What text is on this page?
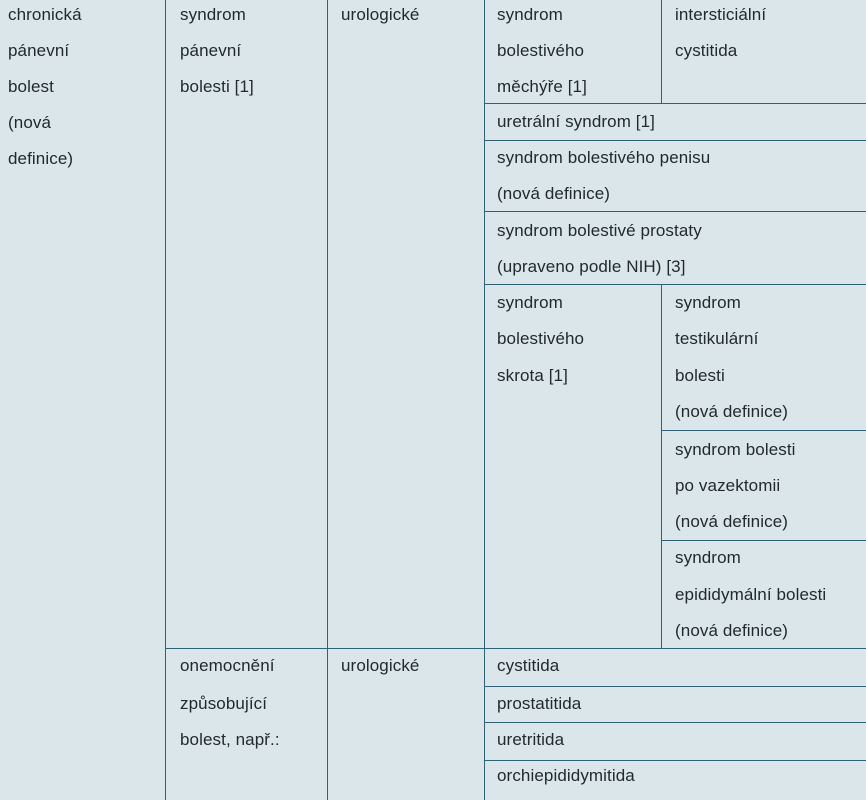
chronická
pánevní
bolest
(nová
definice)
syndrom
pánevní
bolesti [1]
onemocnění
způsobující
bolest, např.:
urologické
urologické
syndrom
bolestivého
měchýře [1]
uretrální syndrom [1]
syndrom bolestivého penisu
(nová definice)
syndrom bolestivé prostaty
(upraveno podle NIH) [3]
syndrom
bolestivého
skrota [1]
cystitida
prostatitida
uretritida
orchiepididymitida
intersticiální
cystitida
syndrom
testikulární
bolesti
(nová definice)
syndrom bolesti
po vazektomii
(nová definice)
syndrom
epididymální bolesti
(nová definice)
